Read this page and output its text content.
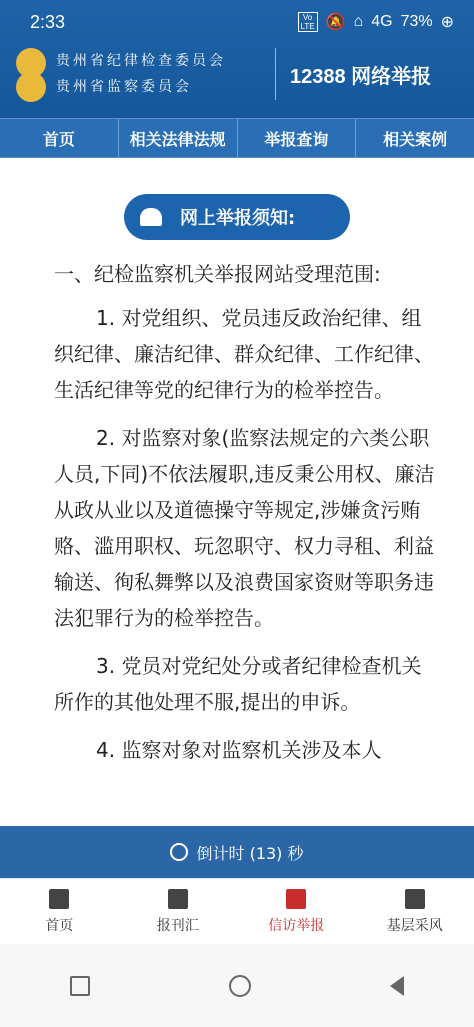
2:33	Vo
LTE 🔕 ⌂ 4G 73% ⊕
贵州省纪律检查委员会
贵州省监察委员会	12388 网络举报
首页	相关法律法规	举报查询	相关案例
网上举报须知:
一、纪检监察机关举报网站受理范围:
1. 对党组织、党员违反政治纪律、组织纪律、廉洁纪律、群众纪律、工作纪律、生活纪律等党的纪律行为的检举控告。
2. 对监察对象(监察法规定的六类公职人员,下同)不依法履职,违反秉公用权、廉洁从政从业以及道德操守等规定,涉嫌贪污贿赂、滥用职权、玩忽职守、权力寻租、利益输送、徇私舞弊以及浪费国家资财等职务违法犯罪行为的检举控告。
3. 党员对党纪处分或者纪律检查机关所作的其他处理不服,提出的申诉。
4. 监察对象对监察机关涉及本人
倒计时 (13) 秒
首页	报刊汇	信访举报	基层采风
